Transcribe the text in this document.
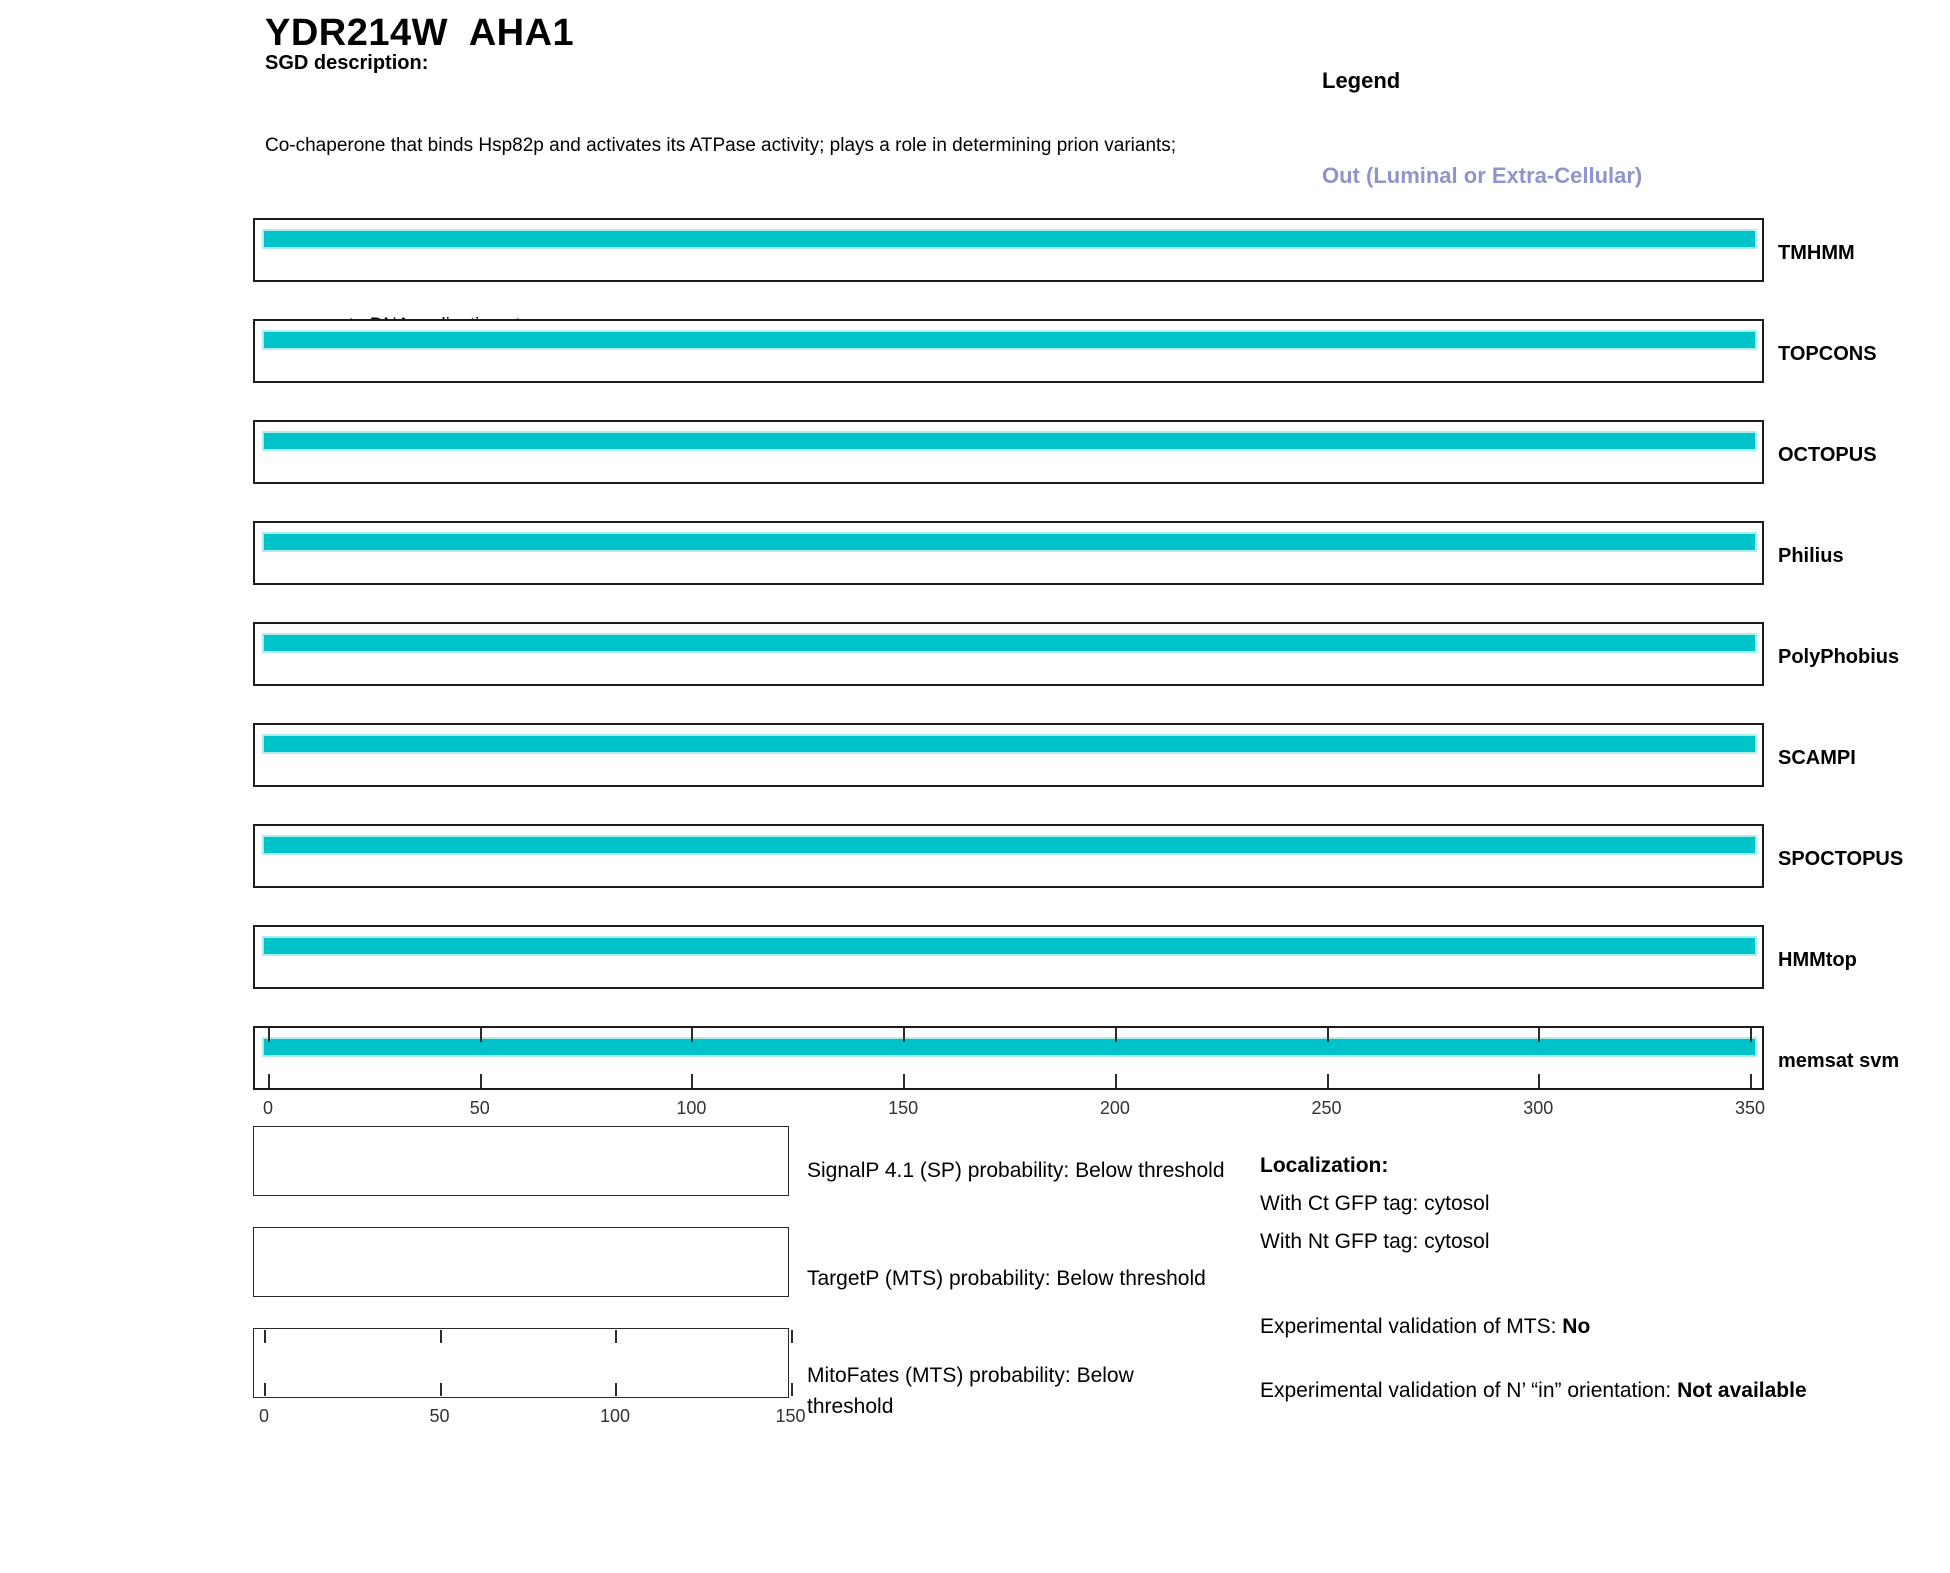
YDR214W  AHA1
SGD description:

Co-chaperone that binds Hsp82p and activates its ATPase activity; plays a role in determining prion variants;

Legend

Out (Luminal or Extra-Cellular)

TMHMM
TOPCONS
OCTOPUS
Philius
PolyPhobius
SCAMPI
SPOCTOPUS
HMMtop
memsat svm
0	50	100	150	200	250	300	350
SignalP 4.1 (SP) probability: Below threshold
TargetP (MTS) probability: Below threshold
0	50	100	150
MitoFates (MTS) probability: Below
threshold
Localization:
With Ct GFP tag: cytosol
With Nt GFP tag: cytosol
Experimental validation of MTS: No
Experimental validation of N’ “in” orientation: Not available
